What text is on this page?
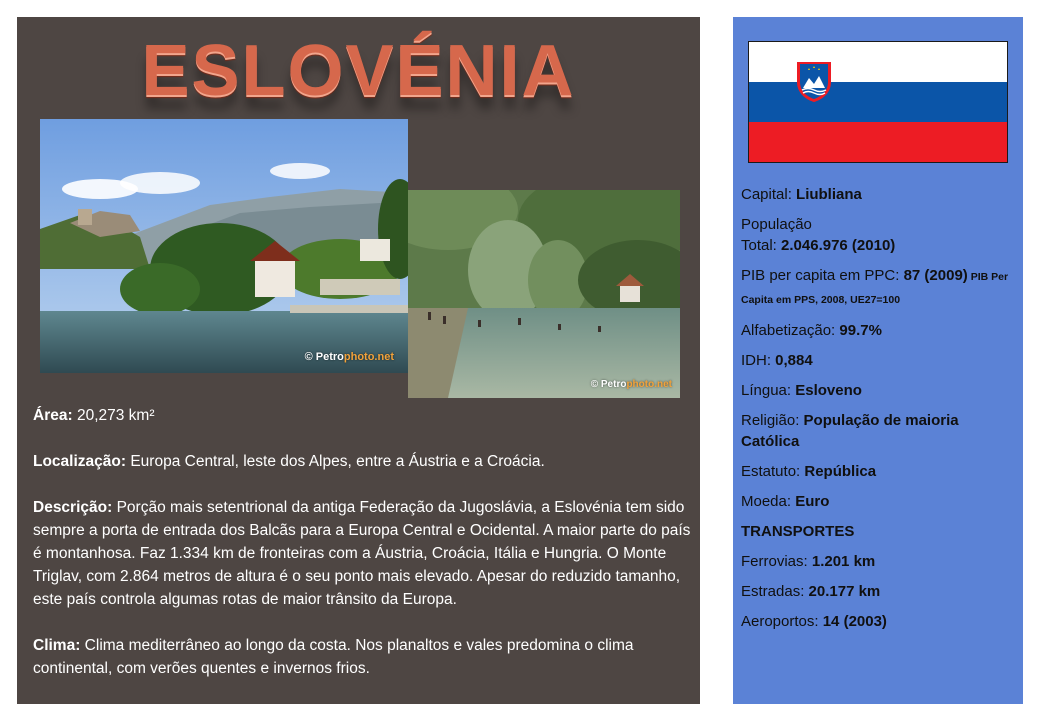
ESLOVÉNIA
© Petrophoto.net
© Petrophoto.net

Área: 20,273 km²

Localização: Europa Central, leste dos Alpes, entre a Áustria e a Croácia.

Descrição: Porção mais setentrional da antiga Federação da Jugoslávia, a Eslovénia tem sido sempre a porta de entrada dos Balcãs para a Europa Central e Ocidental. A maior parte do país é montanhosa. Faz 1.334 km de fronteiras com a Áustria, Croácia, Itália e Hungria. O Monte Triglav, com 2.864 metros de altura é o seu ponto mais elevado. Apesar do reduzido tamanho, este país controla algumas rotas de maior trânsito da Europa.

Clima: Clima mediterrâneo ao longo da costa. Nos planaltos e vales predomina o clima continental, com verões quentes e invernos frios.

Capital: Liubliana
População
Total: 2.046.976 (2010)
PIB per capita em PPC: 87 (2009) PIB Per Capita em PPS, 2008, UE27=100
Alfabetização: 99.7%
IDH: 0,884
Língua: Esloveno
Religião: População de maioria Católica
Estatuto: República
Moeda: Euro
TRANSPORTES
Ferrovias: 1.201 km
Estradas: 20.177 km
Aeroportos: 14 (2003)
